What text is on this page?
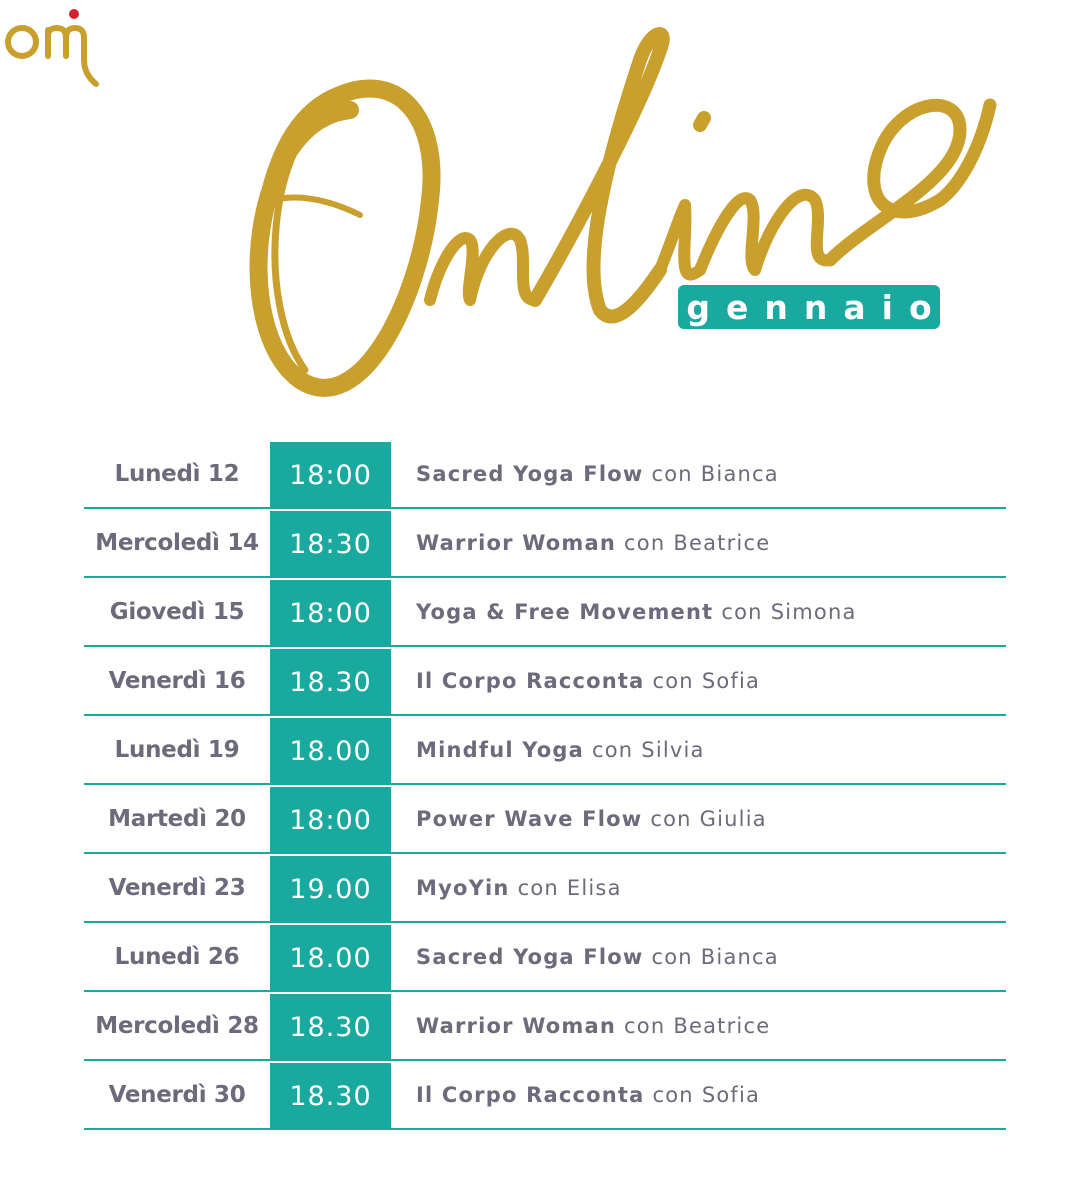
gennaio
Lunedì 12	18:00	Sacred Yoga Flow con Bianca
Mercoledì 14	18:30	Warrior Woman con Beatrice
Giovedì 15	18:00	Yoga & Free Movement con Simona
Venerdì 16	18.30	Il Corpo Racconta con Sofia
Lunedì 19	18.00	Mindful Yoga con Silvia
Martedì 20	18:00	Power Wave Flow con Giulia
Venerdì 23	19.00	MyoYin con Elisa
Lunedì 26	18.00	Sacred Yoga Flow con Bianca
Mercoledì 28	18.30	Warrior Woman con Beatrice
Venerdì 30	18.30	Il Corpo Racconta con Sofia
